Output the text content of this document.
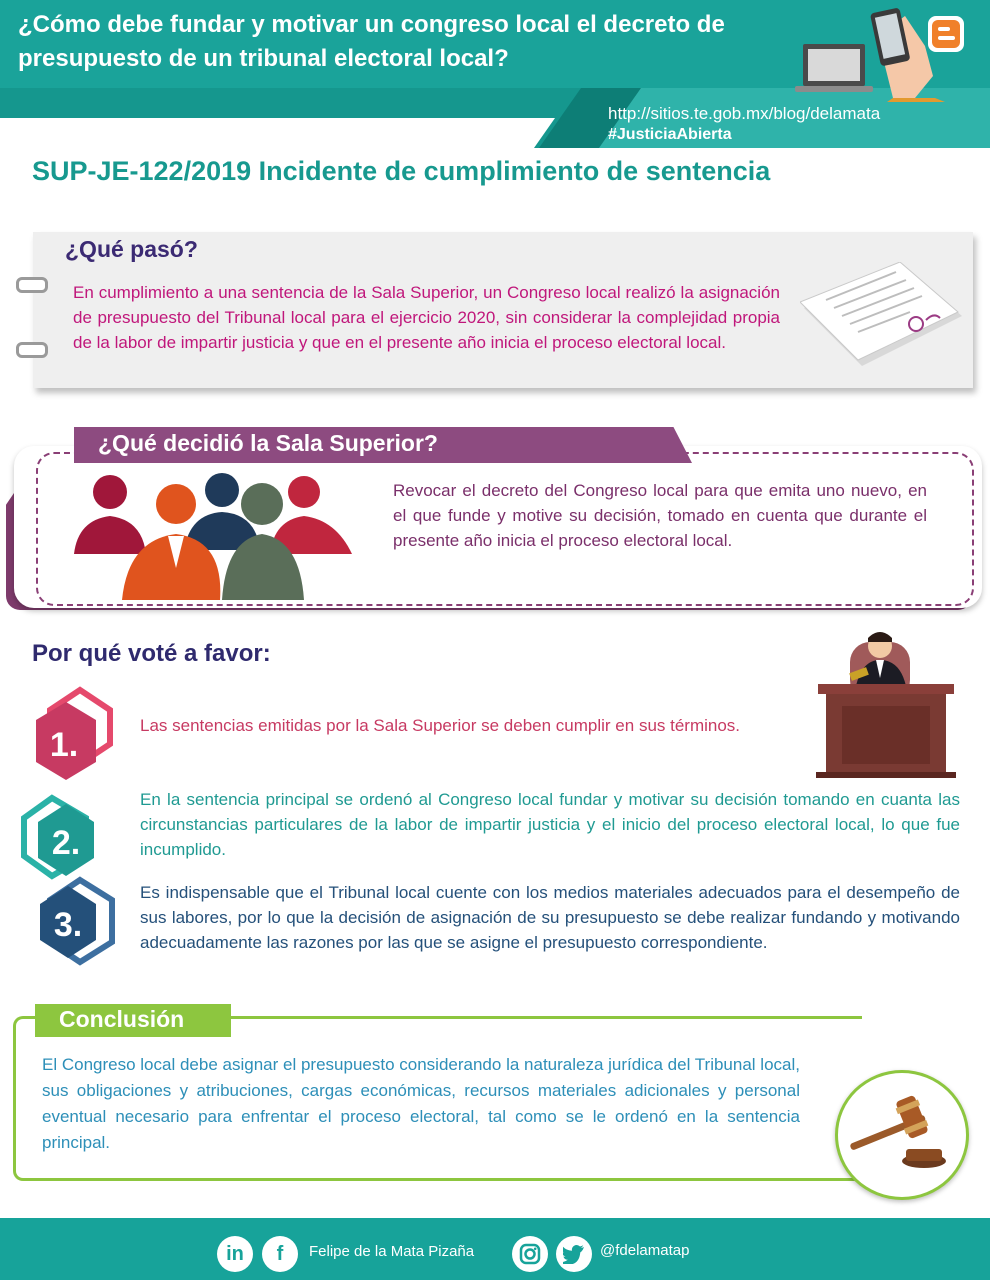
¿Cómo debe fundar y motivar un congreso local el decreto de presupuesto de un tribunal electoral local?
http://sitios.te.gob.mx/blog/delamata
#JusticiaAbierta
SUP-JE-122/2019 Incidente de cumplimiento de sentencia
¿Qué pasó?
En cumplimiento a una sentencia de la Sala Superior, un Congreso local realizó la asignación de presupuesto del Tribunal local para el ejercicio 2020, sin considerar la complejidad propia de la labor de impartir justicia y que en el presente año inicia el proceso electoral local.
¿Qué decidió la Sala Superior?
Revocar el decreto del Congreso local para que emita uno nuevo, en el que funde y motive su decisión, tomado en cuenta que durante el presente año inicia el proceso electoral local.
Por qué voté a favor:
1.
2.
3.
Las sentencias emitidas por la Sala Superior se deben cumplir en sus términos.
En la sentencia principal se ordenó al Congreso local fundar y motivar su decisión tomando en cuanta las circunstancias particulares de la labor de impartir justicia y el inicio del proceso electoral local, lo que fue incumplido.
Es indispensable que el Tribunal local cuente con los medios materiales adecuados para el desempeño de sus labores, por lo que la decisión de asignación de su presupuesto se debe realizar fundando y motivando adecuadamente las razones por las que se asigne el presupuesto correspondiente.
Conclusión
El Congreso local debe asignar el presupuesto considerando la naturaleza jurídica del Tribunal local, sus obligaciones y atribuciones, cargas económicas, recursos materiales adicionales y personal eventual necesario para enfrentar el proceso electoral, tal como se le ordenó en la sentencia principal.
in	f	Felipe de la Mata Pizaña	@fdelamatap
